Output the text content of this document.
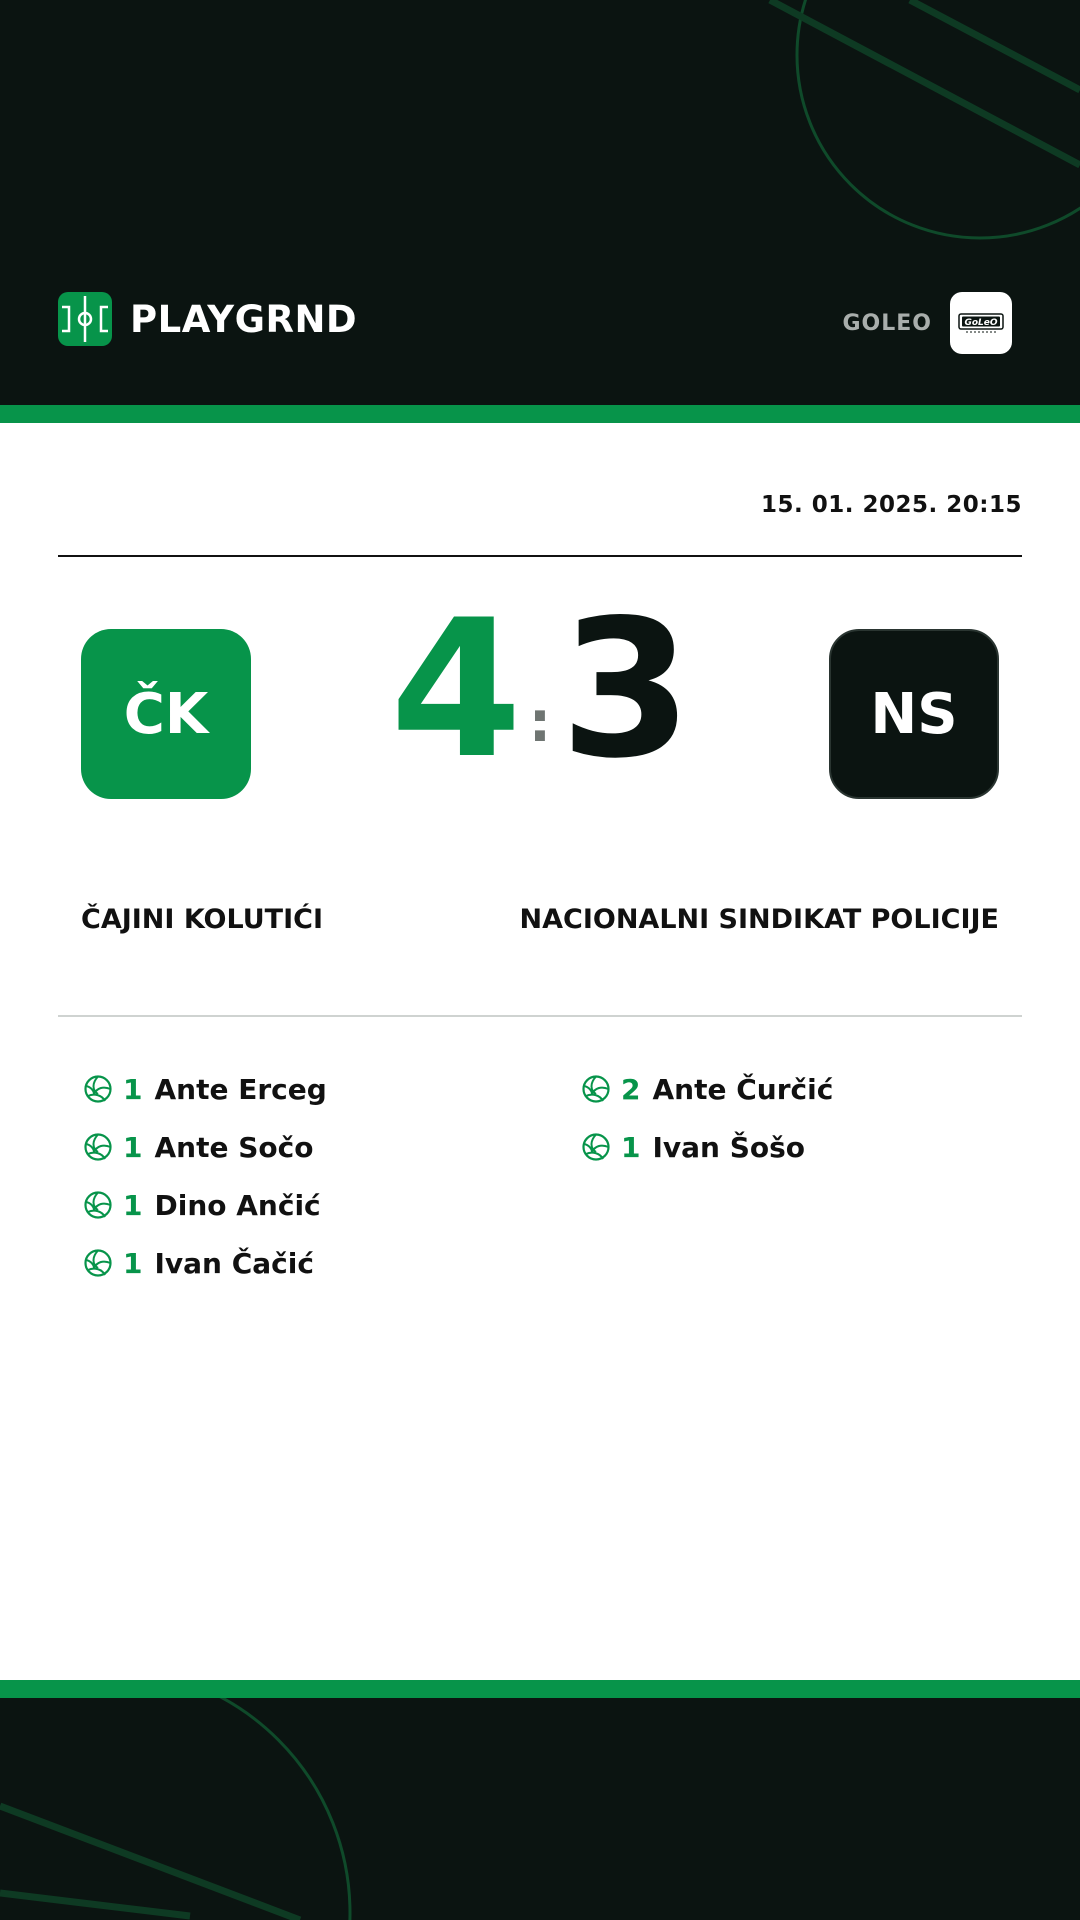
PLAYGRND	GOLEO	GoLeO
15. 01. 2025. 20:15
ČK 4 : 3	NS
ČAJINI KOLUTIĆI	NACIONALNI SINDIKAT POLICIJE
1 Ante Erceg
1 Ante Sočo
1 Dino Ančić
1 Ivan Čačić
2 Ante Čurčić
1 Ivan Šošo
